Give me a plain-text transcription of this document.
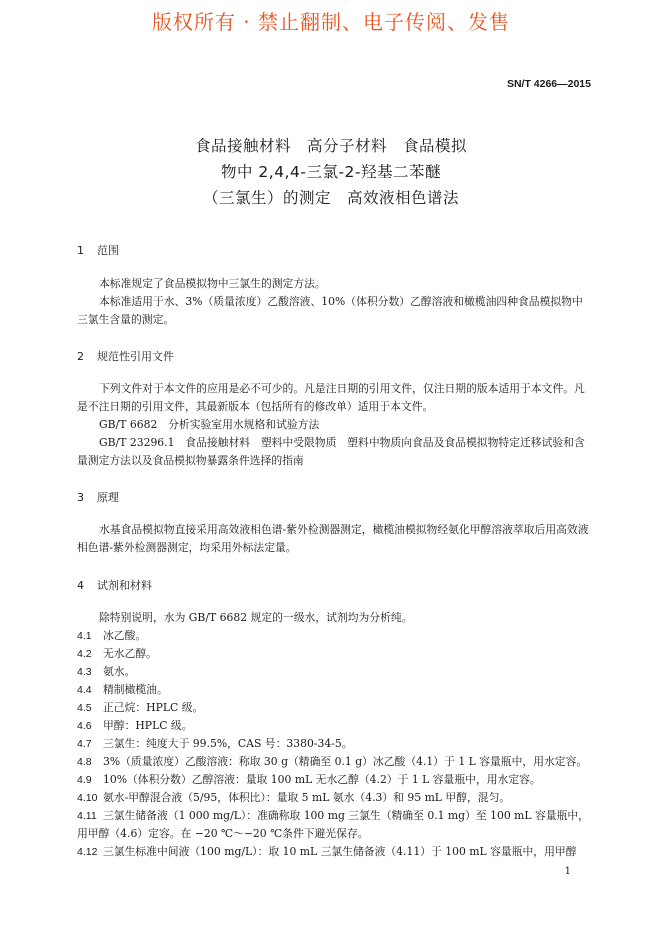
版权所有 · 禁止翻制、电子传阅、发售
SN/T 4266—2015
食品接触材料　高分子材料　食品模拟
物中 2,4,4-三氯-2-羟基二苯醚
（三氯生）的测定　高效液相色谱法
1 范围
本标准规定了食品模拟物中三氯生的测定方法。
本标准适用于水、3%（质量浓度）乙酸溶液、10%（体积分数）乙醇溶液和橄榄油四种食品模拟物中三氯生含量的测定。
2 规范性引用文件
下列文件对于本文件的应用是必不可少的。凡是注日期的引用文件，仅注日期的版本适用于本文件。凡是不注日期的引用文件，其最新版本（包括所有的修改单）适用于本文件。
GB/T 6682　分析实验室用水规格和试验方法
GB/T 23296.1　食品接触材料　塑料中受限物质　塑料中物质向食品及食品模拟物特定迁移试验和含量测定方法以及食品模拟物暴露条件选择的指南
3 原理
水基食品模拟物直接采用高效液相色谱-紫外检测器测定，橄榄油模拟物经氨化甲醇溶液萃取后用高效液相色谱-紫外检测器测定，均采用外标法定量。
4 试剂和材料
除特别说明，水为 GB/T 6682 规定的一级水，试剂均为分析纯。
4.1 冰乙酸。
4.2 无水乙醇。
4.3 氨水。
4.4 精制橄榄油。
4.5 正己烷：HPLC 级。
4.6 甲醇：HPLC 级。
4.7 三氯生：纯度大于 99.5%，CAS 号：3380-34-5。
4.8 3%（质量浓度）乙酸溶液：称取 30 g（精确至 0.1 g）冰乙酸（4.1）于 1 L 容量瓶中，用水定容。
4.9 10%（体积分数）乙醇溶液：量取 100 mL 无水乙醇（4.2）于 1 L 容量瓶中，用水定容。
4.10 氨水-甲醇混合液（5/95，体积比）：量取 5 mL 氨水（4.3）和 95 mL 甲醇，混匀。
4.11 三氯生储备液（1 000 mg/L）：准确称取 100 mg 三氯生（精确至 0.1 mg）至 100 mL 容量瓶中，用甲醇（4.6）定容。在 −20 ℃～−20 ℃条件下避光保存。
4.12 三氯生标准中间液（100 mg/L）：取 10 mL 三氯生储备液（4.11）于 100 mL 容量瓶中，用甲醇
1
